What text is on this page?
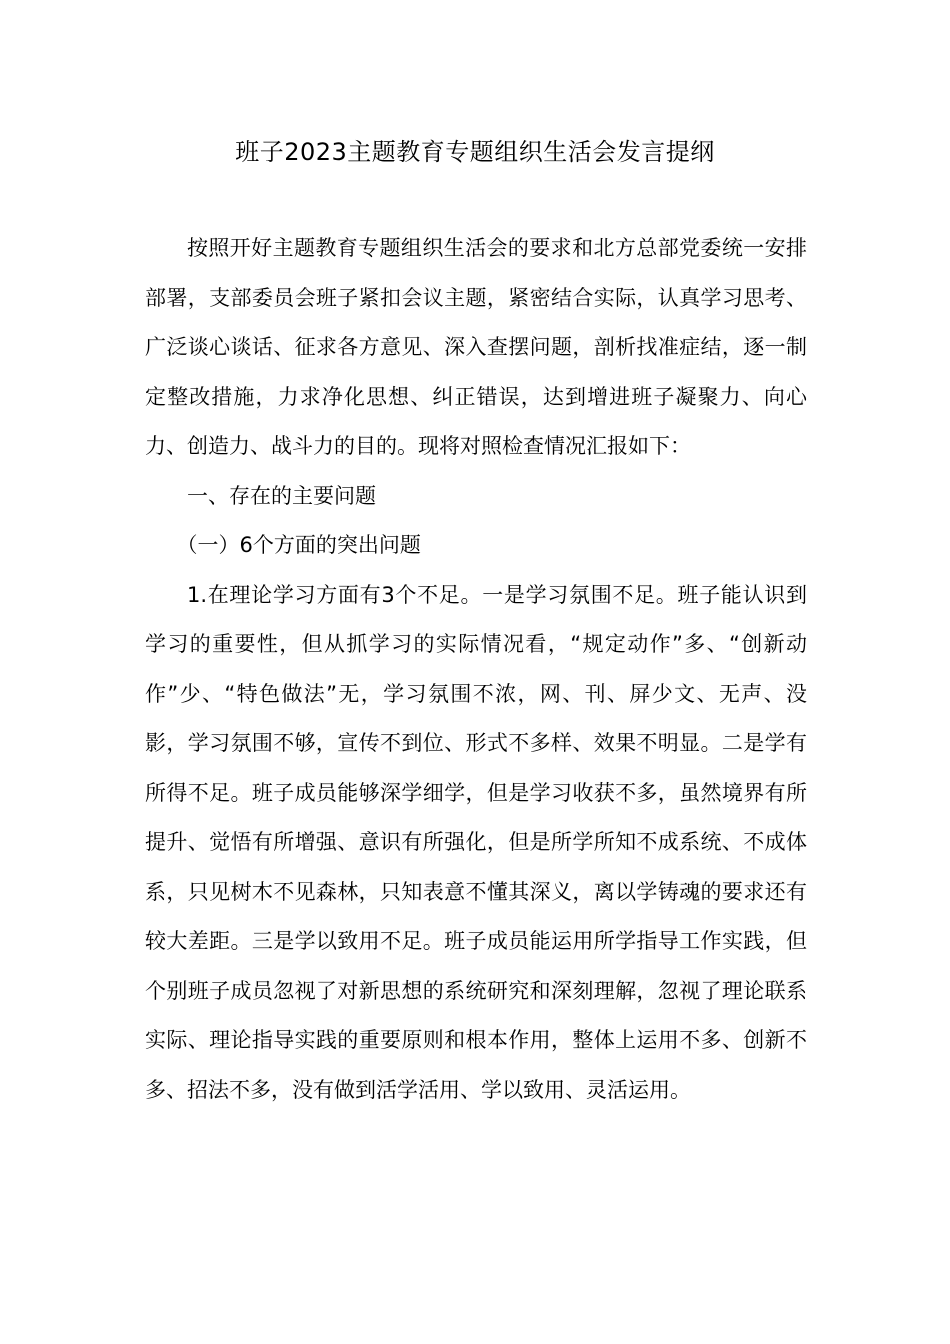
班子2023主题教育专题组织生活会发言提纲

按照开好主题教育专题组织生活会的要求和北方总部党委统一安排部署，支部委员会班子紧扣会议主题，紧密结合实际，认真学习思考、广泛谈心谈话、征求各方意见、深入查摆问题，剖析找准症结，逐一制定整改措施，力求净化思想、纠正错误，达到增进班子凝聚力、向心力、创造力、战斗力的目的。现将对照检查情况汇报如下：

一、存在的主要问题

（一）6个方面的突出问题

1.在理论学习方面有3个不足。一是学习氛围不足。班子能认识到学习的重要性，但从抓学习的实际情况看，“规定动作”多、“创新动作”少、“特色做法”无，学习氛围不浓，网、刊、屏少文、无声、没影，学习氛围不够，宣传不到位、形式不多样、效果不明显。二是学有所得不足。班子成员能够深学细学，但是学习收获不多，虽然境界有所提升、觉悟有所增强、意识有所强化，但是所学所知不成系统、不成体系，只见树木不见森林，只知表意不懂其深义，离以学铸魂的要求还有较大差距。三是学以致用不足。班子成员能运用所学指导工作实践，但个别班子成员忽视了对新思想的系统研究和深刻理解，忽视了理论联系实际、理论指导实践的重要原则和根本作用，整体上运用不多、创新不多、招法不多，没有做到活学活用、学以致用、灵活运用。
